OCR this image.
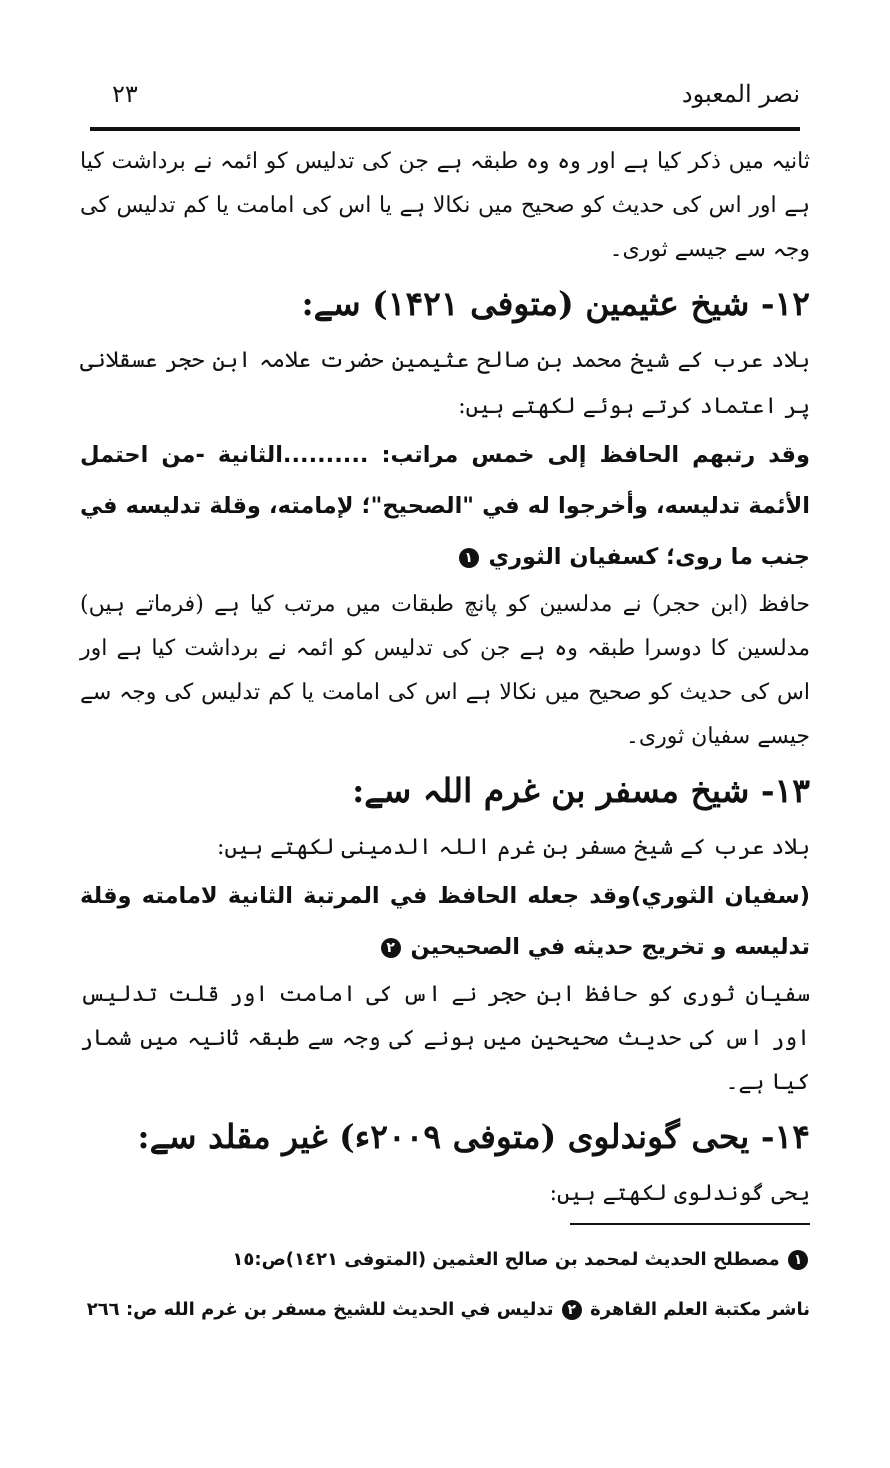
۲۳	نصر المعبود

ثانیہ میں ذکر کیا ہے اور وہ وہ طبقہ ہے جن کی تدلیس کو ائمہ نے برداشت کیا ہے اور اس کی حدیث کو صحیح میں نکالا ہے یا اس کی امامت یا کم تدلیس کی وجہ سے جیسے ثوری۔

۱۲- شیخ عثیمین (متوفی ۱۴۲۱) سے:

بلاد عرب کے شیخ محمد بن صالح عثیمین حضرت علامہ ابن حجر عسقلانی پر اعتماد کرتے ہوئے لکھتے ہیں:

وقد رتبهم الحافظ إلى خمس مراتب: ..........الثانية -من احتمل الأئمة تدليسه، وأخرجوا له في "الصحيح"؛ لإمامته، وقلة تدليسه في جنب ما روى؛ كسفيان الثوري ۱

حافظ (ابن حجر) نے مدلسین کو پانچ طبقات میں مرتب کیا ہے (فرماتے ہیں) مدلسین کا دوسرا طبقہ وہ ہے جن کی تدلیس کو ائمہ نے برداشت کیا ہے اور اس کی حدیث کو صحیح میں نکالا ہے اس کی امامت یا کم تدلیس کی وجہ سے جیسے سفیان ثوری۔

۱۳- شیخ مسفر بن غرم اللہ سے:

بلاد عرب کے شیخ مسفر بن غرم اللہ الدمینی لکھتے ہیں:

(سفيان الثوري)وقد جعله الحافظ في المرتبة الثانية لامامته وقلة تدليسه و تخريج حديثه في الصحيحين ۲

سفیان ثوری کو حافظ ابن حجر نے اس کی امامت اور قلت تدلیس اور اس کی حدیث صحیحین میں ہونے کی وجہ سے طبقہ ثانیہ میں شمار کیا ہے۔

۱۴- یحی گوندلوی (متوفی ۲۰۰۹ء) غیر مقلد سے:

یحی گوندلوی لکھتے ہیں:

۱ مصطلح الحديث لمحمد بن صالح العثمين (المتوفى ١٤٢١)ص:١٥

ناشر مكتبة العلم القاهرة ۲ تدليس في الحديث للشيخ مسفر بن غرم الله ص: ٢٦٦
